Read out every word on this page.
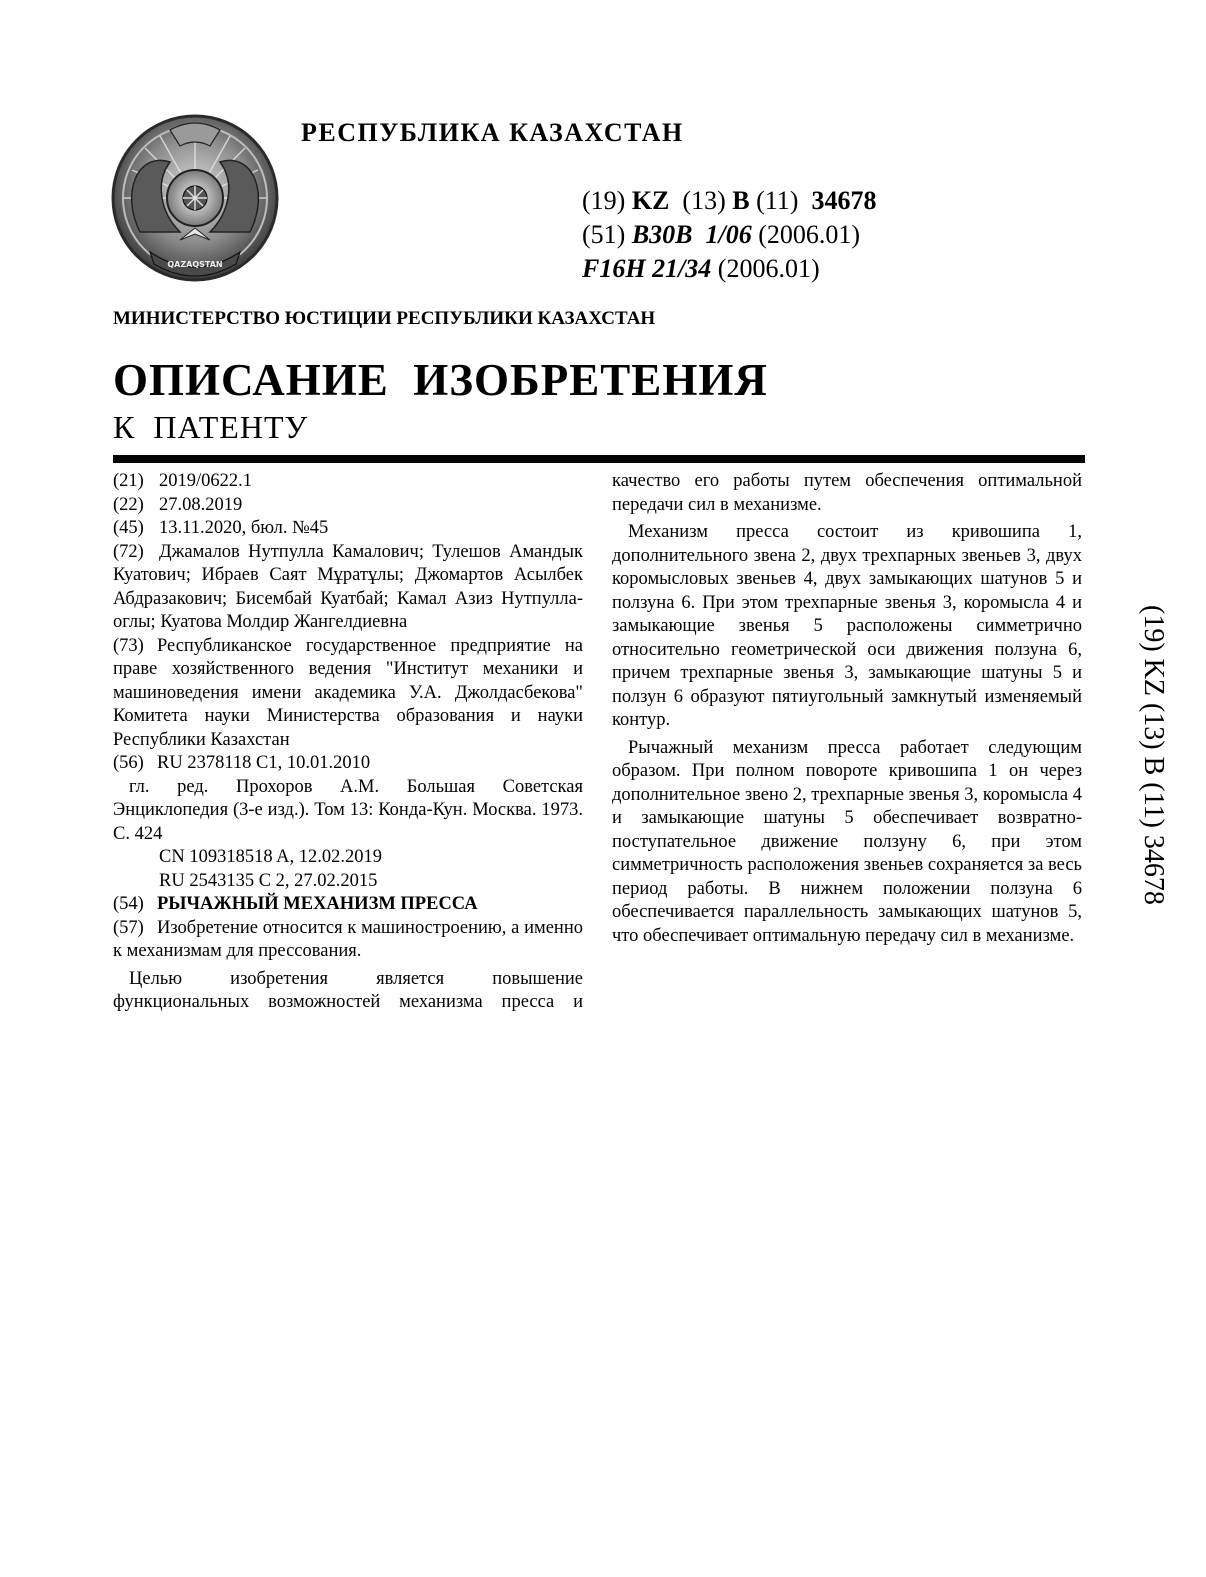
QAZAQSTAN
РЕСПУБЛИКА КАЗАХСТАН
(19) KZ (13) B (11) 34678
(51) B30B  1/06 (2006.01)
F16H 21/34 (2006.01)
МИНИСТЕРСТВО ЮСТИЦИИ РЕСПУБЛИКИ КАЗАХСТАН
ОПИСАНИЕ  ИЗОБРЕТЕНИЯ
К  ПАТЕНТУ
(21) 2019/0622.1
(22) 27.08.2019
(45) 13.11.2020, бюл. №45
(72) Джамалов Нутпулла Камалович; Тулешов Амандык Куатович; Ибраев Саят Мұратұлы; Джомартов Асылбек Абдразакович; Бисембай Куатбай; Камал Азиз Нутпулла-оглы; Куатова Молдир Жангелдиевна
(73) Республиканское государственное предприятие на праве хозяйственного ведения "Институт механики и машиноведения имени академика У.А. Джолдасбекова" Комитета науки Министерства образования и науки Республики Казахстан
(56) RU 2378118 C1, 10.01.2010
гл. ред. Прохоров А.М. Большая Советская Энциклопедия (3-е изд.). Том 13: Конда-Кун. Москва. 1973. С. 424
CN 109318518 A, 12.02.2019
RU 2543135 C 2, 27.02.2015
(54) РЫЧАЖНЫЙ МЕХАНИЗМ ПРЕССА
(57) Изобретение относится к машиностроению, а именно к механизмам для прессования.
Целью изобретения является повышение функциональных возможностей механизма пресса и
качество его работы путем обеспечения оптимальной передачи сил в механизме.
Механизм пресса состоит из кривошипа 1, дополнительного звена 2, двух трехпарных звеньев 3, двух коромысловых звеньев 4, двух замыкающих шатунов 5 и ползуна 6. При этом трехпарные звенья 3, коромысла 4 и замыкающие звенья 5 расположены симметрично относительно геометрической оси движения ползуна 6, причем трехпарные звенья 3, замыкающие шатуны 5 и ползун 6 образуют пятиугольный замкнутый изменяемый контур.
Рычажный механизм пресса работает следующим образом. При полном повороте кривошипа 1 он через дополнительное звено 2, трехпарные звенья 3, коромысла 4 и замыкающие шатуны 5 обеспечивает возвратно-поступательное движение ползуну 6, при этом симметричность расположения звеньев сохраняется за весь период работы. В нижнем положении ползуна 6 обеспечивается параллельность замыкающих шатунов 5, что обеспечивает оптимальную передачу сил в механизме.
(19) KZ (13) B (11) 34678
